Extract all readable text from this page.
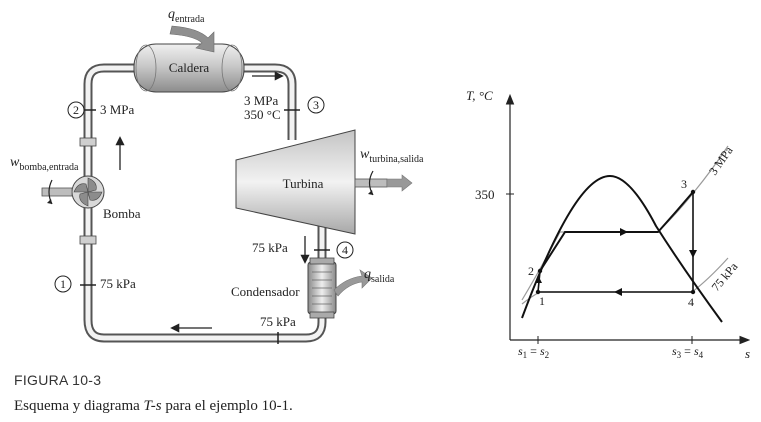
Caldera
$q_{entrada}$
Turbina
$w_{turbina,salida}$
Condensador
$q_{salida}$
Bomba
$w_{bomba,entrada}$
2 3 MPa	3
3 MPa
350 °C
4
75 kPa
1	75 kPa
75 kPa
T, °C
s
350
1
2
3
4
3 MPa
75 kPa
$s_1 = s_2$	$s_3 = s_4$
FIGURA 10-3
Esquema y diagrama T-s para el ejemplo 10-1.
